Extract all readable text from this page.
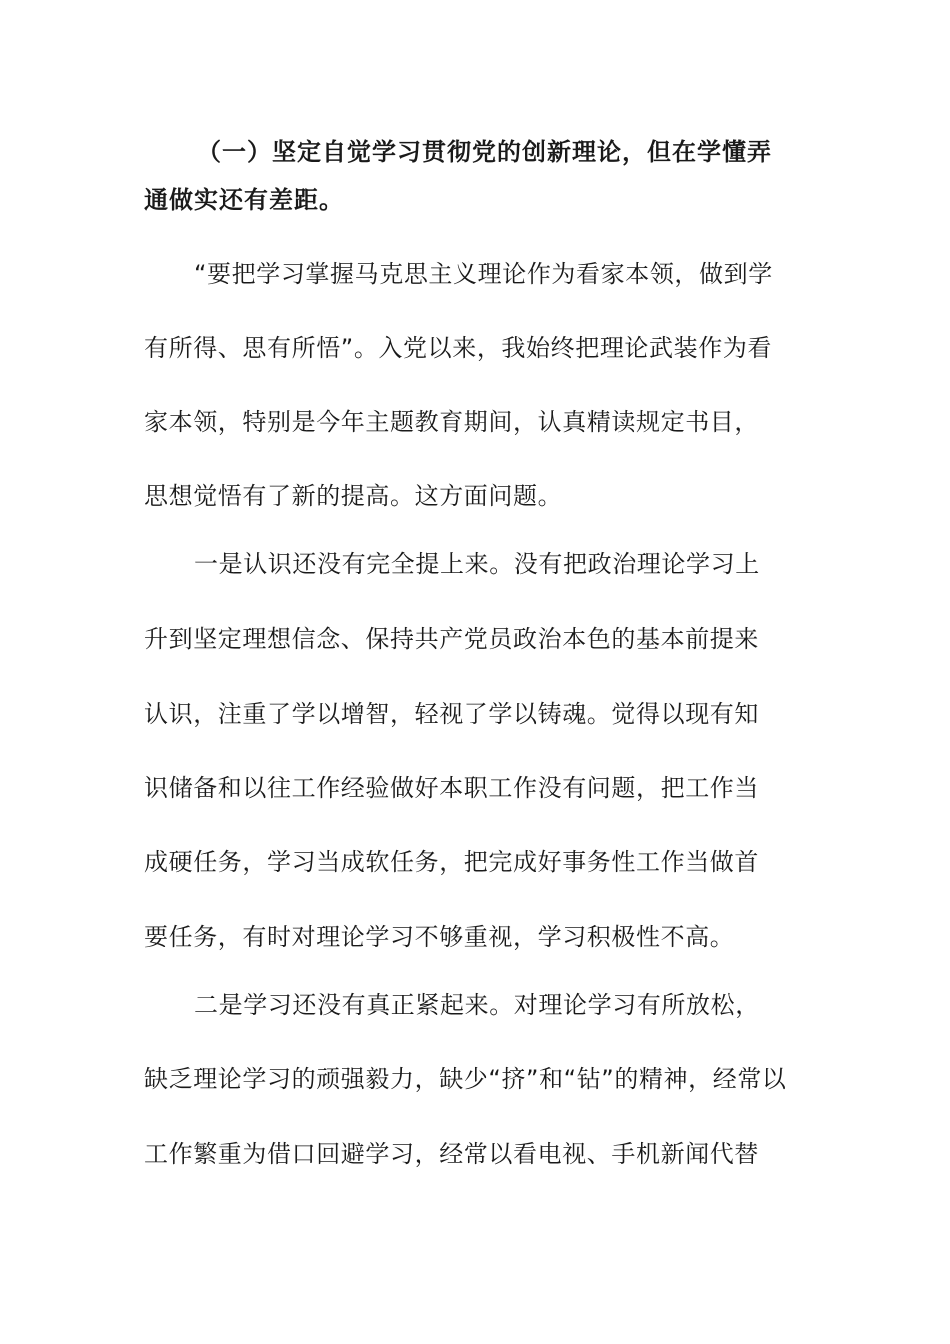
（一）坚定自觉学习贯彻党的创新理论，但在学懂弄
通做实还有差距。
“要把学习掌握马克思主义理论作为看家本领，做到学
有所得、思有所悟”。入党以来，我始终把理论武装作为看
家本领，特别是今年主题教育期间，认真精读规定书目，
思想觉悟有了新的提高。这方面问题。
一是认识还没有完全提上来。没有把政治理论学习上
升到坚定理想信念、保持共产党员政治本色的基本前提来
认识，注重了学以增智，轻视了学以铸魂。觉得以现有知
识储备和以往工作经验做好本职工作没有问题，把工作当
成硬任务，学习当成软任务，把完成好事务性工作当做首
要任务，有时对理论学习不够重视，学习积极性不高。
二是学习还没有真正紧起来。对理论学习有所放松，
缺乏理论学习的顽强毅力，缺少“挤”和“钻”的精神，经常以
工作繁重为借口回避学习，经常以看电视、手机新闻代替
